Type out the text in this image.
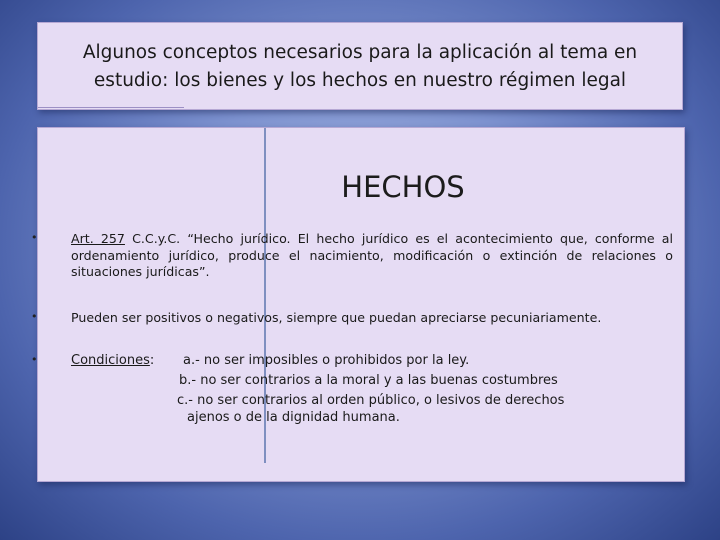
Algunos conceptos necesarios para la aplicación al tema en
estudio: los bienes y los hechos en nuestro régimen legal
HECHOS
•	Art. 257 C.C.y.C. “Hecho jurídico. El hecho jurídico es el acontecimiento que, conforme al ordenamiento jurídico, produce el nacimiento, modificación o extinción de relaciones o situaciones jurídicas”.
•	Pueden ser positivos o negativos, siempre que puedan apreciarse pecuniariamente.
•	Condiciones: a.- no ser imposibles o prohibidos por la ley.
b.- no ser contrarios a la moral y a las buenas costumbres
c.- no ser contrarios al orden público, o lesivos de derechos
ajenos o de la dignidad humana.
